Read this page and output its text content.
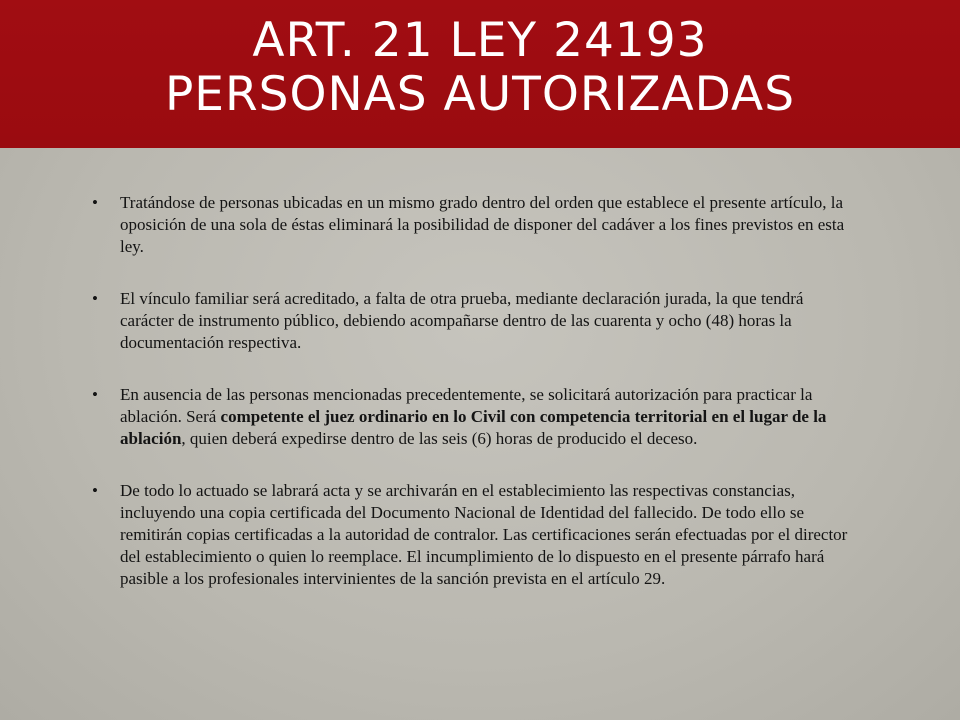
ART. 21 LEY 24193
PERSONAS AUTORIZADAS
• Tratándose de personas ubicadas en un mismo grado dentro del orden que establece el presente artículo, la oposición de una sola de éstas eliminará la posibilidad de disponer del cadáver a los fines previstos en esta ley.
• El vínculo familiar será acreditado, a falta de otra prueba, mediante declaración jurada, la que tendrá carácter de instrumento público, debiendo acompañarse dentro de las cuarenta y ocho (48) horas la documentación respectiva.
• En ausencia de las personas mencionadas precedentemente, se solicitará autorización para practicar la ablación. Será competente el juez ordinario en lo Civil con competencia territorial en el lugar de la ablación, quien deberá expedirse dentro de las seis (6) horas de producido el deceso.
• De todo lo actuado se labrará acta y se archivarán en el establecimiento las respectivas constancias, incluyendo una copia certificada del Documento Nacional de Identidad del fallecido. De todo ello se remitirán copias certificadas a la autoridad de contralor. Las certificaciones serán efectuadas por el director del establecimiento o quien lo reemplace. El incumplimiento de lo dispuesto en el presente párrafo hará pasible a los profesionales intervinientes de la sanción prevista en el artículo 29.
